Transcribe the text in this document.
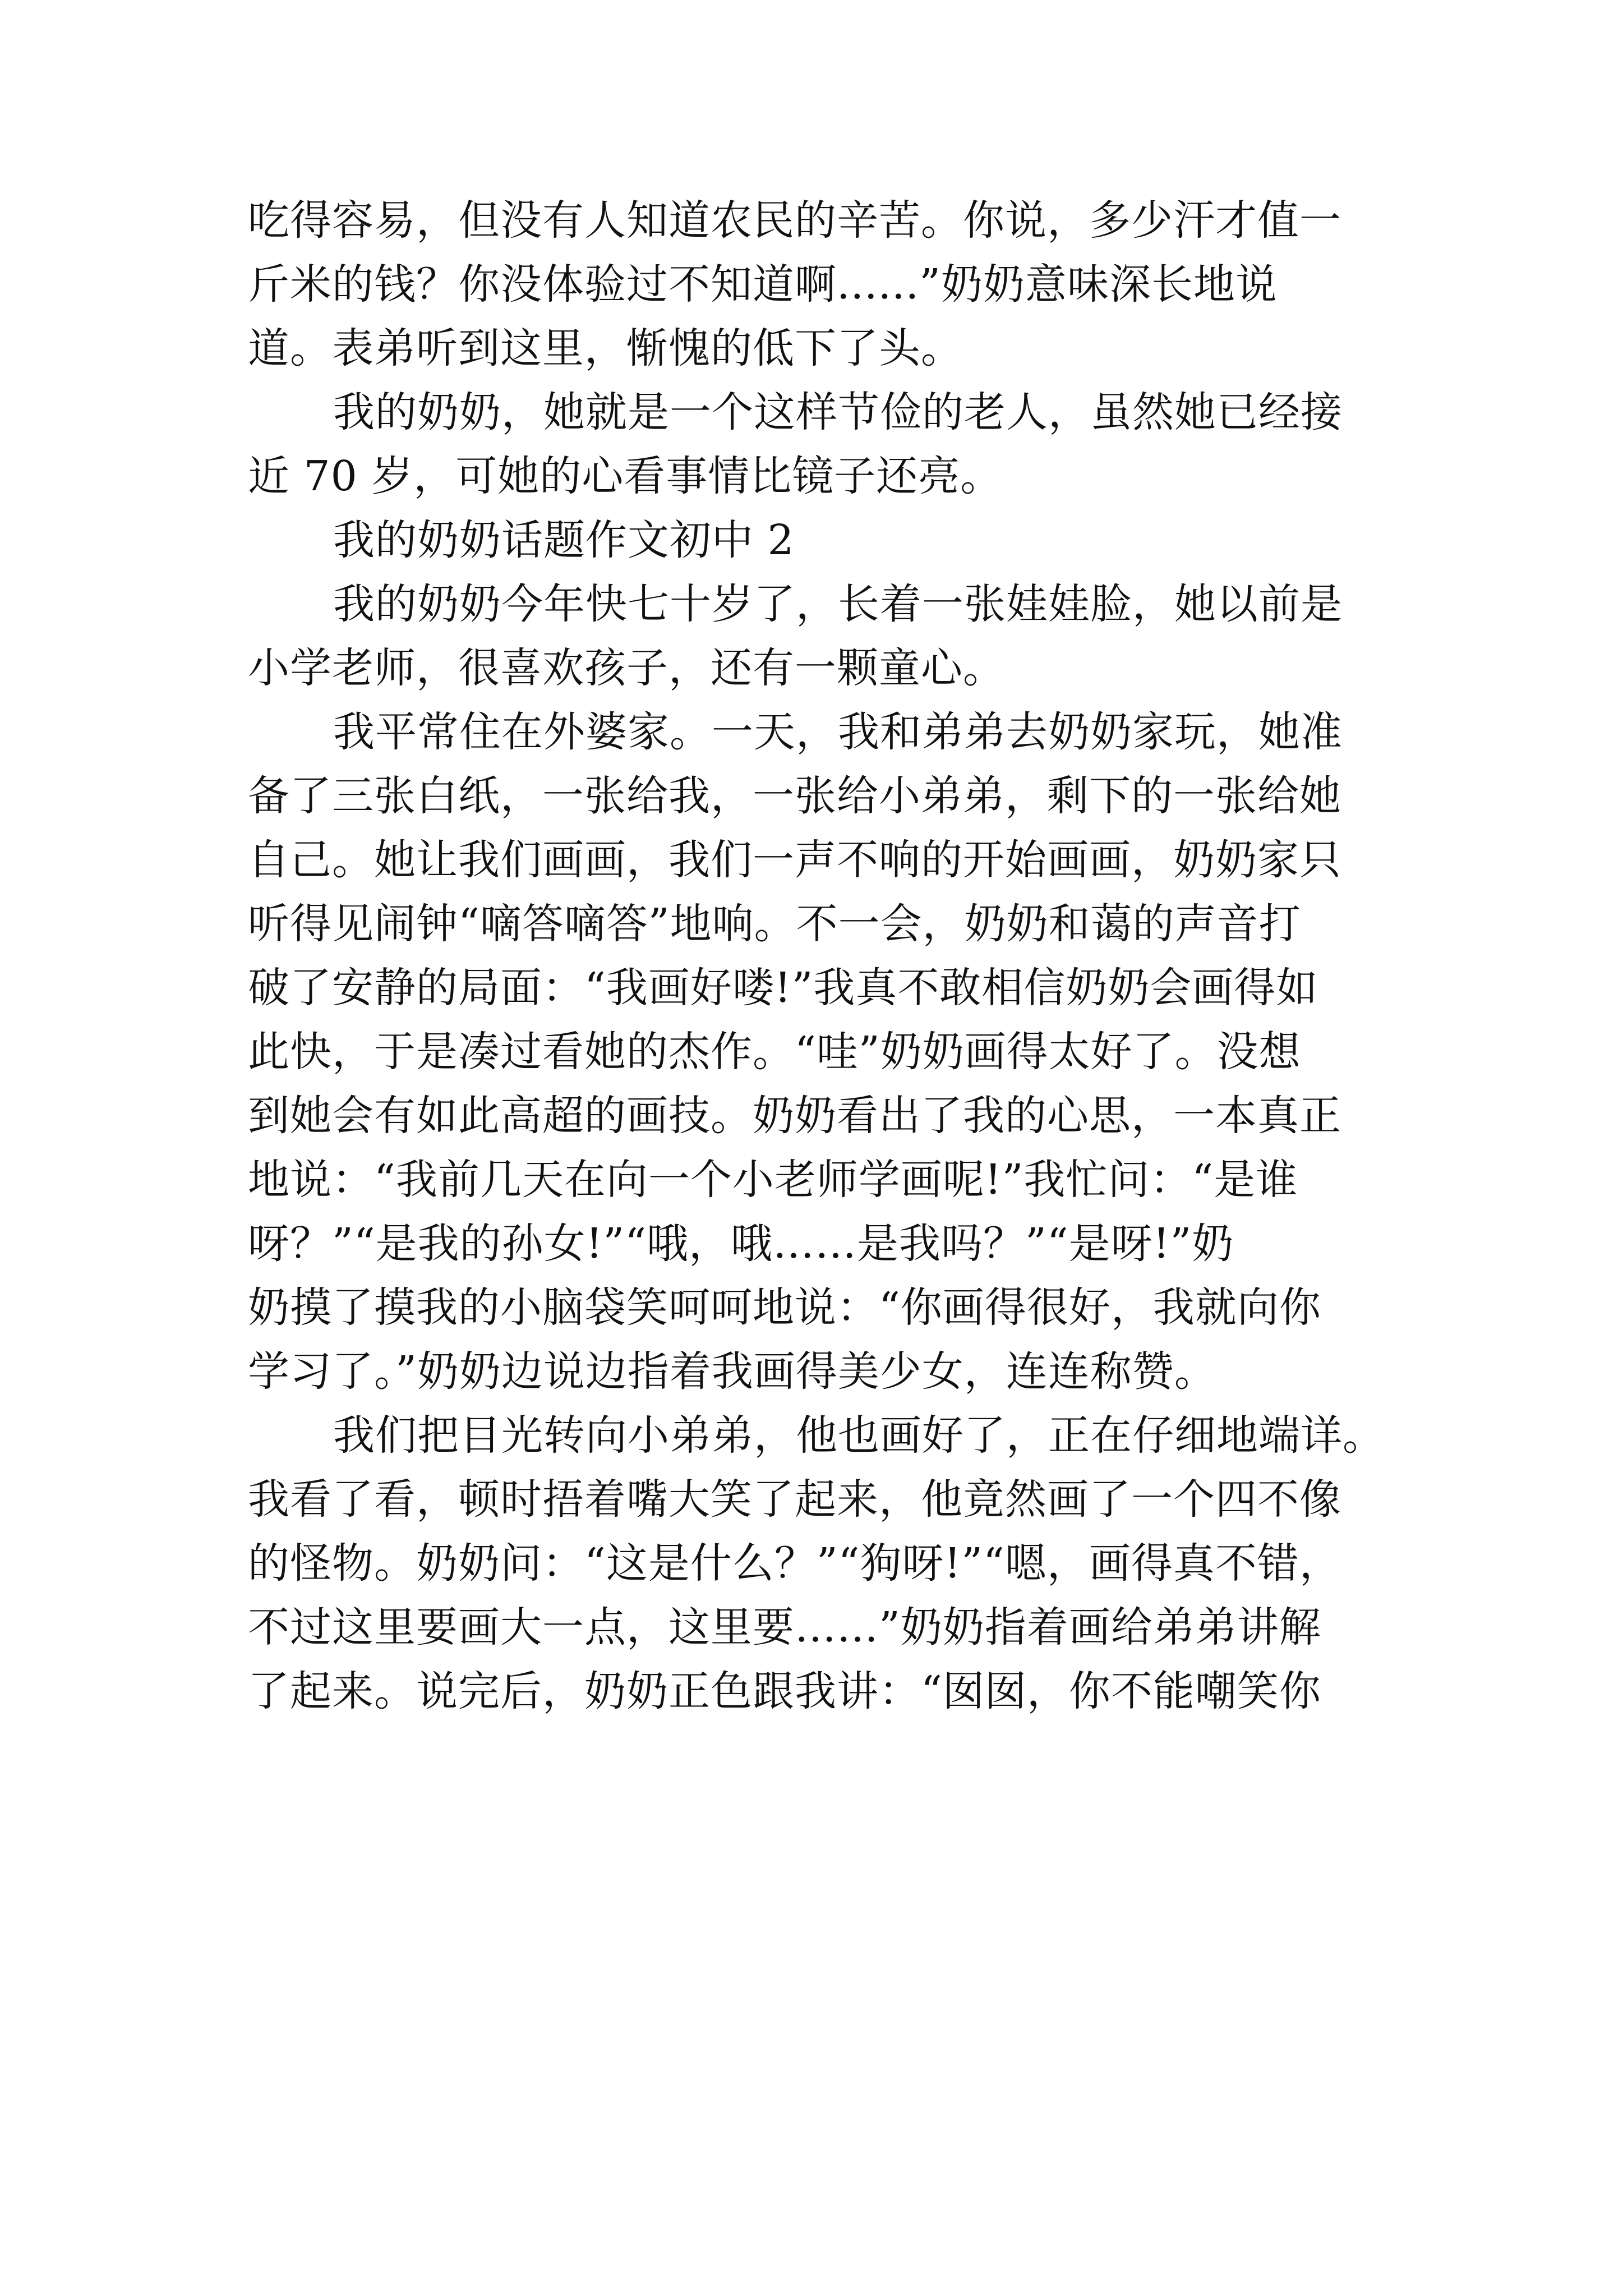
吃得容易，但没有人知道农民的辛苦。你说，多少汗才值一
斤米的钱？你没体验过不知道啊......”奶奶意味深长地说
道。表弟听到这里，惭愧的低下了头。
我的奶奶，她就是一个这样节俭的老人，虽然她已经接
近 70 岁，可她的心看事情比镜子还亮。
我的奶奶话题作文初中 2
我的奶奶今年快七十岁了，长着一张娃娃脸，她以前是
小学老师，很喜欢孩子，还有一颗童心。
我平常住在外婆家。一天，我和弟弟去奶奶家玩，她准
备了三张白纸，一张给我，一张给小弟弟，剩下的一张给她
自己。她让我们画画，我们一声不响的开始画画，奶奶家只
听得见闹钟“嘀答嘀答”地响。不一会，奶奶和蔼的声音打
破了安静的局面：“我画好喽!”我真不敢相信奶奶会画得如
此快，于是凑过看她的杰作。“哇”奶奶画得太好了。没想
到她会有如此高超的画技。奶奶看出了我的心思，一本真正
地说：“我前几天在向一个小老师学画呢!”我忙问：“是谁
呀？”“是我的孙女!”“哦，哦……是我吗？”“是呀!”奶
奶摸了摸我的小脑袋笑呵呵地说：“你画得很好，我就向你
学习了。”奶奶边说边指着我画得美少女，连连称赞。
我们把目光转向小弟弟，他也画好了，正在仔细地端详。
我看了看，顿时捂着嘴大笑了起来，他竟然画了一个四不像
的怪物。奶奶问：“这是什么？”“狗呀!”“嗯，画得真不错，
不过这里要画大一点，这里要……”奶奶指着画给弟弟讲解
了起来。说完后，奶奶正色跟我讲：“囡囡，你不能嘲笑你
